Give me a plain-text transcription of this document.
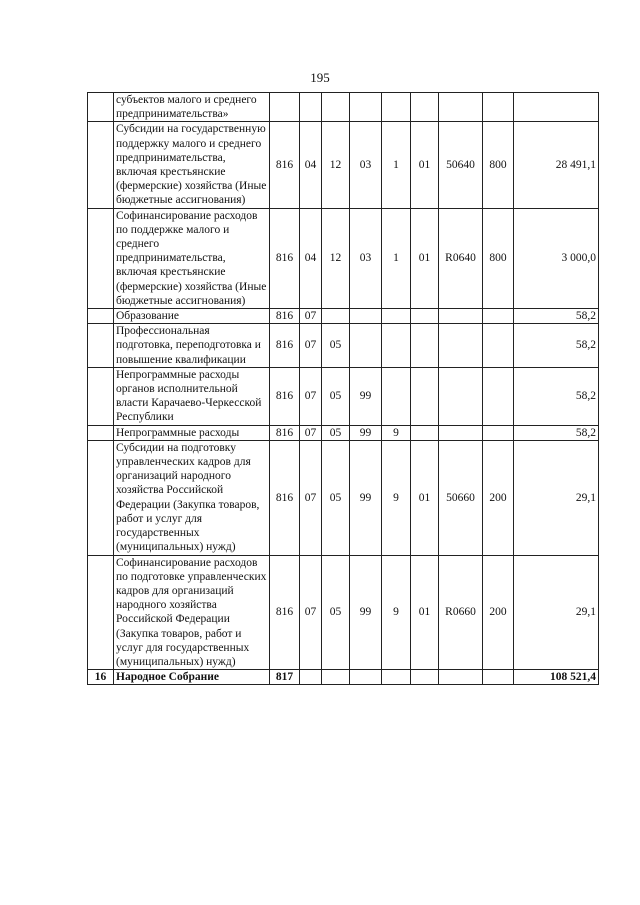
195
	субъектов малого и среднего предпринимательства»									
	Субсидии на государственную поддержку малого и среднего предпринимательства, включая крестьянские (фермерские) хозяйства (Иные бюджетные ассигнования)	816	04	12	03	1	01	50640	800	28 491,1
	Софинансирование расходов по поддержке малого и среднего предпринимательства, включая крестьянские (фермерские) хозяйства (Иные бюджетные ассигнования)	816	04	12	03	1	01	R0640	800	3 000,0
	Образование	816	07							58,2
	Профессиональная подготовка, переподготовка и повышение квалификации	816	07	05						58,2
	Непрограммные расходы органов исполнительной власти Карачаево-Черкесской Республики	816	07	05	99					58,2
	Непрограммные расходы	816	07	05	99	9				58,2
	Субсидии на подготовку управленческих кадров для организаций народного хозяйства Российской Федерации (Закупка товаров, работ и услуг для государственных (муниципальных) нужд)	816	07	05	99	9	01	50660	200	29,1
	Софинансирование расходов по подготовке управленческих кадров для организаций народного хозяйства Российской Федерации (Закупка товаров, работ и услуг для государственных (муниципальных) нужд)	816	07	05	99	9	01	R0660	200	29,1
16	Народное Собрание	817								108 521,4
